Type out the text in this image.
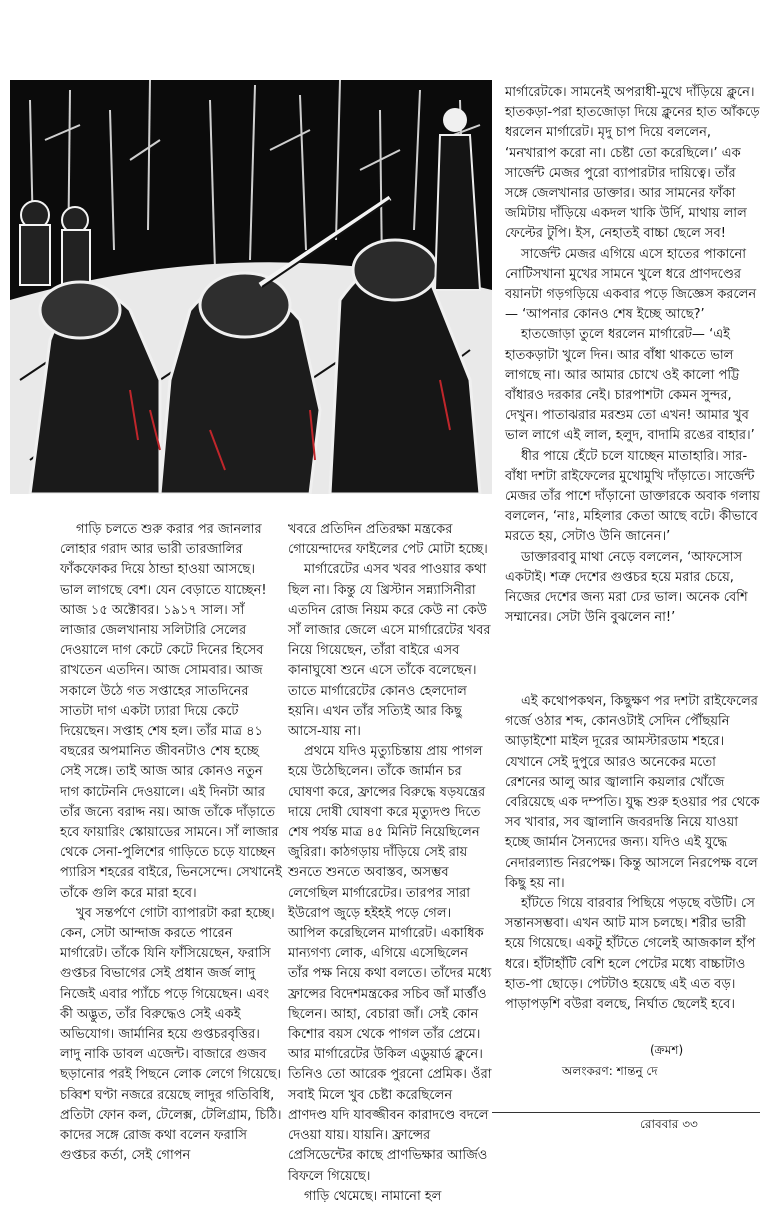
মার্গারেটকে। সামনেই অপরাধী-মুখে দাঁড়িয়ে ক্লুনে। হাতকড়া-পরা হাতজোড়া দিয়ে ক্লুনের হাত আঁকড়ে ধরলেন মার্গারেট। মৃদু চাপ দিয়ে বললেন, ‘মনখারাপ করো না। চেষ্টা তো করেছিলে।’ এক সার্জেন্ট মেজর পুরো ব্যাপারটার দায়িত্বে। তাঁর সঙ্গে জেলখানার ডাক্তার। আর সামনের ফাঁকা জমিটায় দাঁড়িয়ে একদল খাকি উর্দি, মাথায় লাল ফেল্টের টুপি। ইস, নেহাতই বাচ্চা ছেলে সব!

সার্জেন্ট মেজর এগিয়ে এসে হাতের পাকানো নোটিসখানা মুখের সামনে খুলে ধরে প্রাণদণ্ডের বয়ানটা গড়গড়িয়ে একবার পড়ে জিজ্ঞেস করলেন— ‘আপনার কোনও শেষ ইচ্ছে আছে?’

হাতজোড়া তুলে ধরলেন মার্গারেট— ‘এই হাতকড়াটা খুলে দিন। আর বাঁধা থাকতে ভাল লাগছে না। আর আমার চোখে ওই কালো পট্টি বাঁধারও দরকার নেই। চারপাশটা কেমন সুন্দর, দেখুন। পাতাঝরার মরশুম তো এখন! আমার খুব ভাল লাগে এই লাল, হলুদ, বাদামি রঙের বাহার।’

ধীর পায়ে হেঁটে চলে যাচ্ছেন মাতাহারি। সার-বাঁধা দশটা রাইফেলের মুখোমুখি দাঁড়াতে। সার্জেন্ট মেজর তাঁর পাশে দাঁড়ানো ডাক্তারকে অবাক গলায় বললেন, ‘নাঃ, মহিলার কেতা আছে বটে। কীভাবে মরতে হয়, সেটাও উনি জানেন।’

ডাক্তারবাবু মাথা নেড়ে বললেন, ‘আফসোস একটাই। শত্রু দেশের গুপ্তচর হয়ে মরার চেয়ে, নিজের দেশের জন্য মরা ঢের ভাল। অনেক বেশি সম্মানের। সেটা উনি বুঝলেন না!’

গাড়ি চলতে শুরু করার পর জানলার লোহার গরাদ আর ভারী তারজালির ফাঁকফোকর দিয়ে ঠান্ডা হাওয়া আসছে। ভাল লাগছে বেশ। যেন বেড়াতে যাচ্ছেন! আজ ১৫ অক্টোবর। ১৯১৭ সাল। সাঁ লাজার জেলখানায় সলিটারি সেলের দেওয়ালে দাগ কেটে কেটে দিনের হিসেব রাখতেন এতদিন। আজ সোমবার। আজ সকালে উঠে গত সপ্তাহের সাতদিনের সাতটা দাগ একটা ঢ্যারা দিয়ে কেটে দিয়েছেন। সপ্তাহ শেষ হল। তাঁর মাত্র ৪১ বছরের অপমানিত জীবনটাও শেষ হচ্ছে সেই সঙ্গে। তাই আজ আর কোনও নতুন দাগ কাটেননি দেওয়ালে। এই দিনটা আর তাঁর জন্যে বরাদ্দ নয়। আজ তাঁকে দাঁড়াতে হবে ফায়ারিং স্কোয়াডের সামনে। সাঁ লাজার থেকে সেনা-পুলিশের গাড়িতে চড়ে যাচ্ছেন প্যারিস শহরের বাইরে, ভিনসেন্দে। সেখানেই তাঁকে গুলি করে মারা হবে।

খুব সন্তর্পণে গোটা ব্যাপারটা করা হচ্ছে। কেন, সেটা আন্দাজ করতে পারেন মার্গারেট। তাঁকে যিনি ফাঁসিয়েছেন, ফরাসি গুপ্তচর বিভাগের সেই প্রধান জর্জ লাদু নিজেই এবার প্যাঁচে পড়ে গিয়েছেন। এবং কী অদ্ভুত, তাঁর বিরুদ্ধেও সেই একই অভিযোগ। জার্মানির হয়ে গুপ্তচরবৃত্তির। লাদু নাকি ডাবল এজেন্ট। বাজারে গুজব ছড়ানোর পরই পিছনে লোক লেগে গিয়েছে। চব্বিশ ঘণ্টা নজরে রয়েছে লাদুর গতিবিধি, প্রতিটা ফোন কল, টেলেক্স, টেলিগ্রাম, চিঠি। কাদের সঙ্গে রোজ কথা বলেন ফরাসি গুপ্তচর কর্তা, সেই গোপন

খবরে প্রতিদিন প্রতিরক্ষা মন্ত্রকের গোয়েন্দাদের ফাইলের পেট মোটা হচ্ছে।

মার্গারেটের এসব খবর পাওয়ার কথা ছিল না। কিন্তু যে খ্রিস্টান সন্ন্যাসিনীরা এতদিন রোজ নিয়ম করে কেউ না কেউ সাঁ লাজার জেলে এসে মার্গারেটের খবর নিয়ে গিয়েছেন, তাঁরা বাইরে এসব কানাঘুষো শুনে এসে তাঁকে বলেছেন। তাতে মার্গারেটের কোনও হেলদোল হয়নি। এখন তাঁর সত্যিই আর কিছু আসে-যায় না।

প্রথমে যদিও মৃত্যুচিন্তায় প্রায় পাগল হয়ে উঠেছিলেন। তাঁকে জার্মান চর ঘোষণা করে, ফ্রান্সের বিরুদ্ধে ষড়যন্ত্রের দায়ে দোষী ঘোষণা করে মৃত্যুদণ্ড দিতে শেষ পর্যন্ত মাত্র ৪৫ মিনিট নিয়েছিলেন জুরিরা। কাঠগড়ায় দাঁড়িয়ে সেই রায় শুনতে শুনতে অবাস্তব, অসম্ভব লেগেছিল মার্গারেটের। তারপর সারা ইউরোপ জুড়ে হইহই পড়ে গেল। আপিল করেছিলেন মার্গারেট। একাধিক মান্যগণ্য লোক, এগিয়ে এসেছিলেন তাঁর পক্ষ নিয়ে কথা বলতে। তাঁদের মধ্যে ফ্রান্সের বিদেশমন্ত্রকের সচিব জাঁ মার্ত্তাঁও ছিলেন। আহা, বেচারা জাঁ। সেই কোন কিশোর বয়স থেকে পাগল তাঁর প্রেমে। আর মার্গারেটের উকিল এডুয়ার্ড ক্লুনে। তিনিও তো আরেক পুরনো প্রেমিক। ওঁরা সবাই মিলে খুব চেষ্টা করেছিলেন প্রাণদণ্ড যদি যাবজ্জীবন কারাদণ্ডে বদলে দেওয়া যায়। যায়নি। ফ্রান্সের প্রেসিডেন্টের কাছে প্রাণভিক্ষার আর্জিও বিফলে গিয়েছে।

গাড়ি থেমেছে। নামানো হল

এই কথোপকথন, কিছুক্ষণ পর দশটা রাইফেলের গর্জে ওঠার শব্দ, কোনওটাই সেদিন পৌঁছয়নি আড়াইশো মাইল দূরের আমস্টারডাম শহরে। যেখানে সেই দুপুরে আরও অনেকের মতো রেশনের আলু আর জ্বালানি কয়লার খোঁজে বেরিয়েছে এক দম্পতি। যুদ্ধ শুরু হওয়ার পর থেকে সব খাবার, সব জ্বালানি জবরদস্তি নিয়ে যাওয়া হচ্ছে জার্মান সৈন্যদের জন্য। যদিও এই যুদ্ধে নেদারল্যান্ড নিরপেক্ষ। কিন্তু আসলে নিরপেক্ষ বলে কিছু হয় না।

হাঁটতে গিয়ে বারবার পিছিয়ে পড়ছে বউটি। সে সন্তানসম্ভবা। এখন আট মাস চলছে। শরীর ভারী হয়ে গিয়েছে। একটু হাঁটতে গেলেই আজকাল হাঁপ ধরে। হাঁটাহাঁটি বেশি হলে পেটের মধ্যে বাচ্চাটাও হাত-পা ছোড়ে। পেটটাও হয়েছে এই এত বড়। পাড়াপড়শি বউরা বলছে, নির্ঘাত ছেলেই হবে।

(ক্রমশ)
অলংকরণ: শান্তনু দে
রোববার ৩৩
